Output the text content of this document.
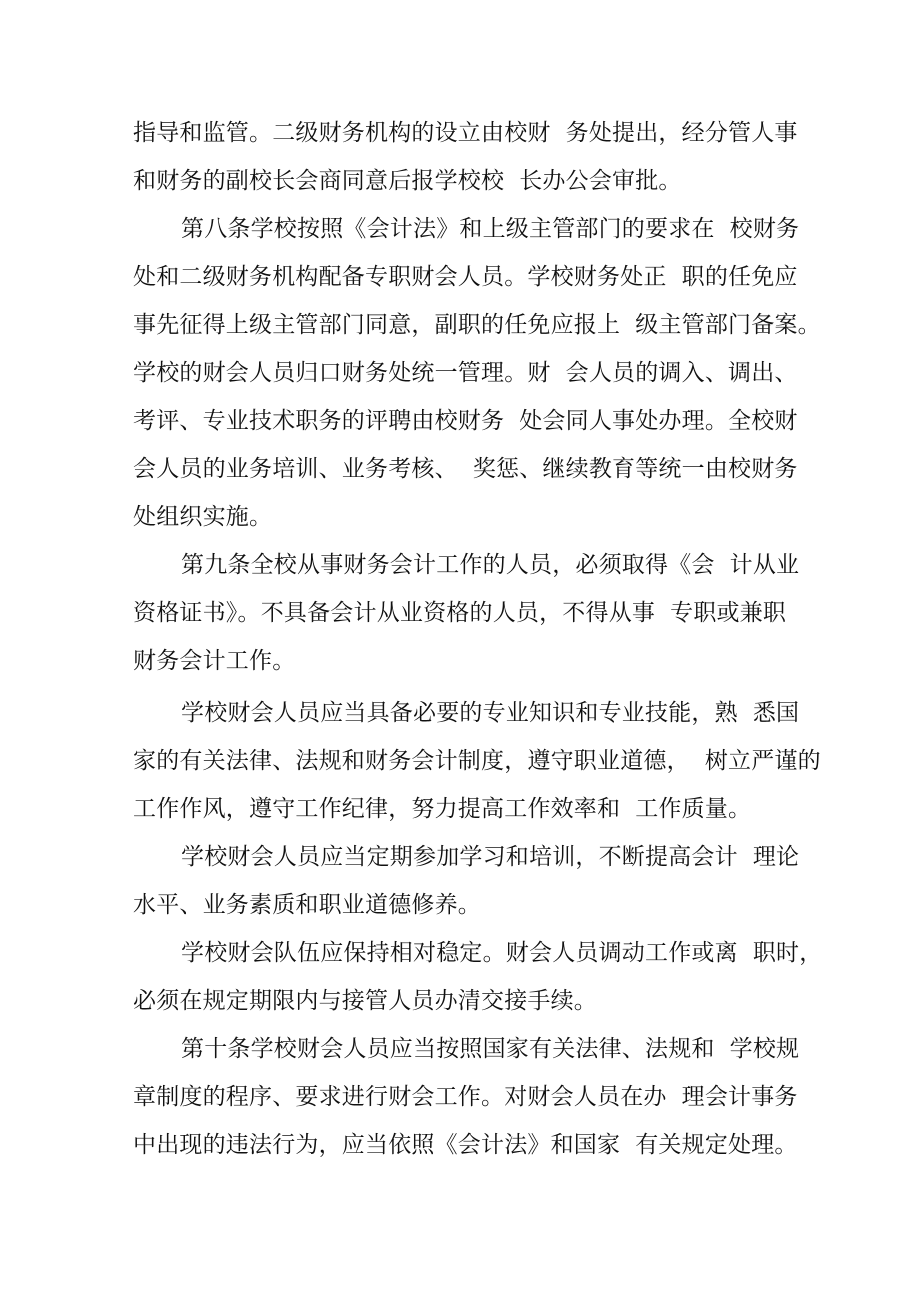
指导和监管。二级财务机构的设立由校财  务处提出，经分管人事
和财务的副校长会商同意后报学校校  长办公会审批。
第八条学校按照《会计法》和上级主管部门的要求在  校财务
处和二级财务机构配备专职财会人员。学校财务处正  职的任免应
事先征得上级主管部门同意，副职的任免应报上  级主管部门备案。
学校的财会人员归口财务处统一管理。财  会人员的调入、调出、
考评、专业技术职务的评聘由校财务  处会同人事处办理。全校财
会人员的业务培训、业务考核、  奖惩、继续教育等统一由校财务
处组织实施。
第九条全校从事财务会计工作的人员，必须取得《会  计从业
资格证书》。不具备会计从业资格的人员，不得从事  专职或兼职
财务会计工作。
学校财会人员应当具备必要的专业知识和专业技能，熟  悉国
家的有关法律、法规和财务会计制度，遵守职业道德，  树立严谨的
工作作风，遵守工作纪律，努力提高工作效率和  工作质量。
学校财会人员应当定期参加学习和培训，不断提高会计  理论
水平、业务素质和职业道德修养。
学校财会队伍应保持相对稳定。财会人员调动工作或离  职时，
必须在规定期限内与接管人员办清交接手续。
第十条学校财会人员应当按照国家有关法律、法规和  学校规
章制度的程序、要求进行财会工作。对财会人员在办  理会计事务
中出现的违法行为，应当依照《会计法》和国家  有关规定处理。
